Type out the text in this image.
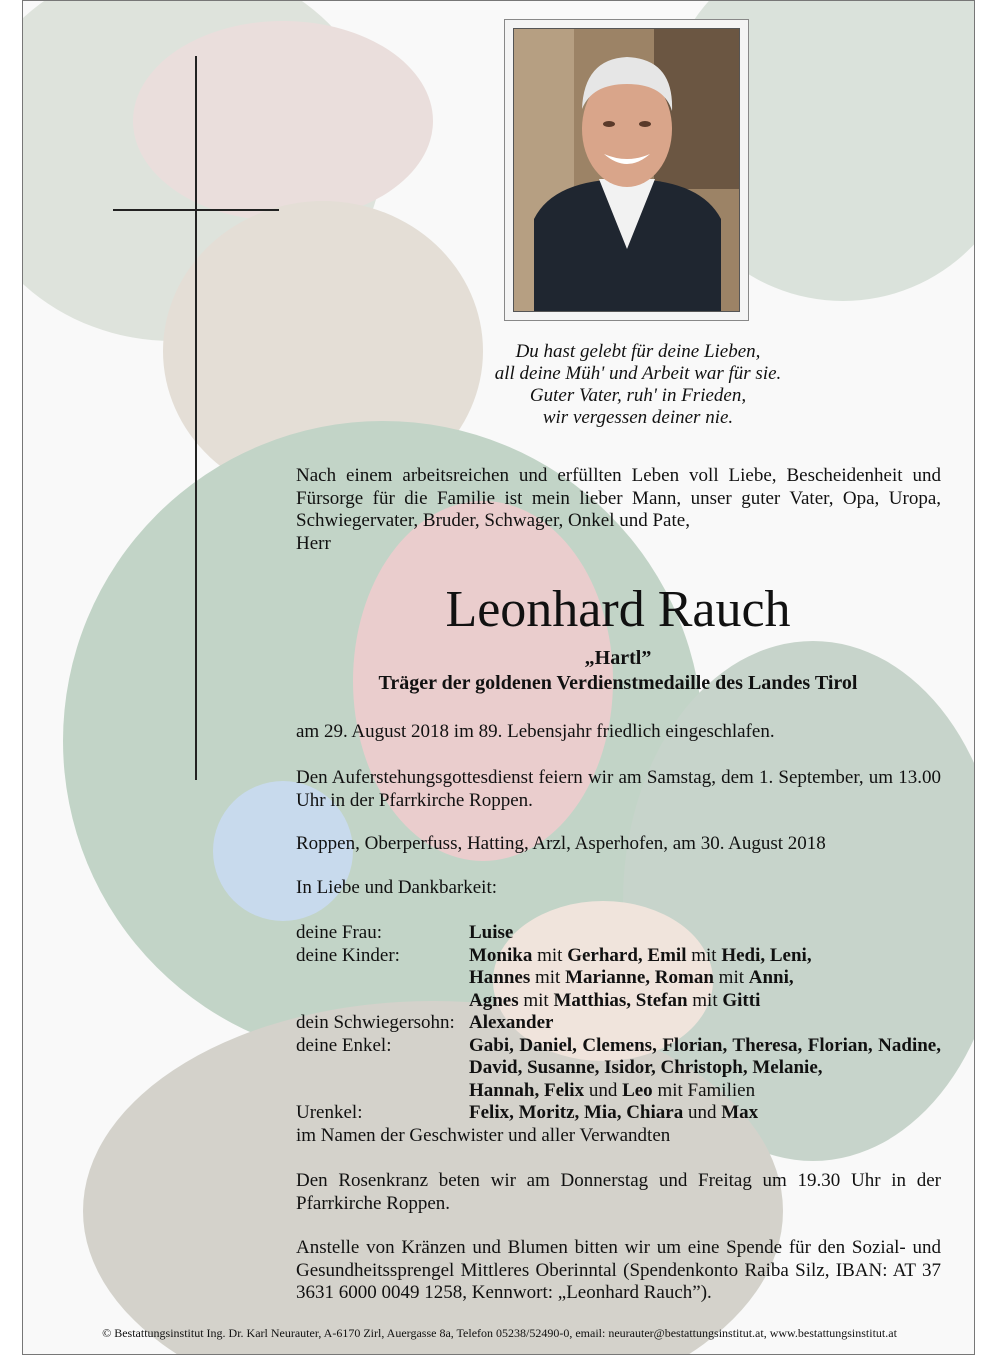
Du hast gelebt für deine Lieben,
all deine Müh' und Arbeit war für sie.
Guter Vater, ruh' in Frieden,
wir vergessen deiner nie.
Nach einem arbeitsreichen und erfüllten Leben voll Liebe, Bescheidenheit und Fürsorge für die Familie ist mein lieber Mann, unser guter Vater, Opa, Uropa, Schwiegervater, Bruder, Schwager, Onkel und Pate,
Herr
Leonhard Rauch
„Hartl”
Träger der goldenen Verdienstmedaille des Landes Tirol
am 29. August 2018 im 89. Lebensjahr friedlich eingeschlafen.
Den Auferstehungsgottesdienst feiern wir am Samstag, dem 1. September, um 13.00 Uhr in der Pfarrkirche Roppen.
Roppen, Oberperfuss, Hatting, Arzl, Asperhofen, am 30. August 2018
In Liebe und Dankbarkeit:
deine Frau:	Luise
deine Kinder:	Monika mit Gerhard, Emil mit Hedi, Leni,
Hannes mit Marianne, Roman mit Anni,
Agnes mit Matthias, Stefan mit Gitti
dein Schwiegersohn: Alexander
deine Enkel:	Gabi, Daniel, Clemens, Florian, Theresa, Florian, Nadine, David, Susanne, Isidor, Christoph, Melanie,
Hannah, Felix und Leo mit Familien
Urenkel:	Felix, Moritz, Mia, Chiara und Max
im Namen der Geschwister und aller Verwandten
Den Rosenkranz beten wir am Donnerstag und Freitag um 19.30 Uhr in der Pfarrkirche Roppen.
Anstelle von Kränzen und Blumen bitten wir um eine Spende für den Sozial- und Gesundheitssprengel Mittleres Oberinntal (Spendenkonto Raiba Silz, IBAN: AT 37 3631 6000 0049 1258, Kennwort: „Leonhard Rauch”).
© Bestattungsinstitut Ing. Dr. Karl Neurauter, A-6170 Zirl, Auergasse 8a, Telefon 05238/52490-0, email: neurauter@bestattungsinstitut.at, www.bestattungsinstitut.at
